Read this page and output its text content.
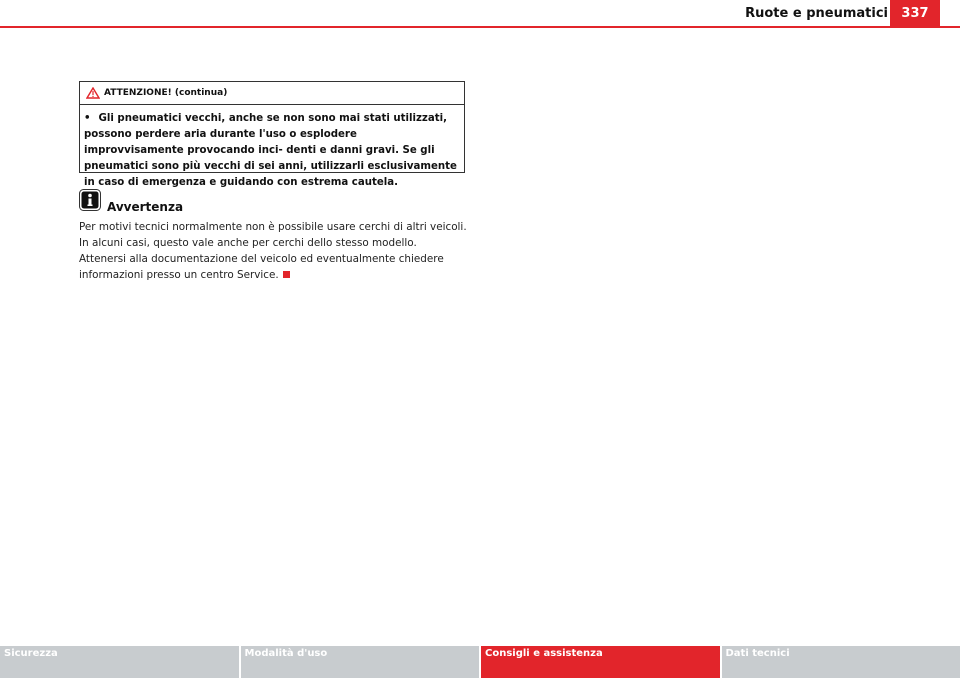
Ruote e pneumatici	337
ATTENZIONE! (continua)
• Gli pneumatici vecchi, anche se non sono mai stati utilizzati, possono perdere aria durante l'uso o esplodere improvvisamente provocando inci- denti e danni gravi. Se gli pneumatici sono più vecchi di sei anni, utilizzarli esclusivamente in caso di emergenza e guidando con estrema cautela.
Avvertenza
Per motivi tecnici normalmente non è possibile usare cerchi di altri veicoli. In alcuni casi, questo vale anche per cerchi dello stesso modello. Attenersi alla documentazione del veicolo ed eventualmente chiedere informazioni presso un centro Service.
Sicurezza	Modalità d'uso	Consigli e assistenza	Dati tecnici
